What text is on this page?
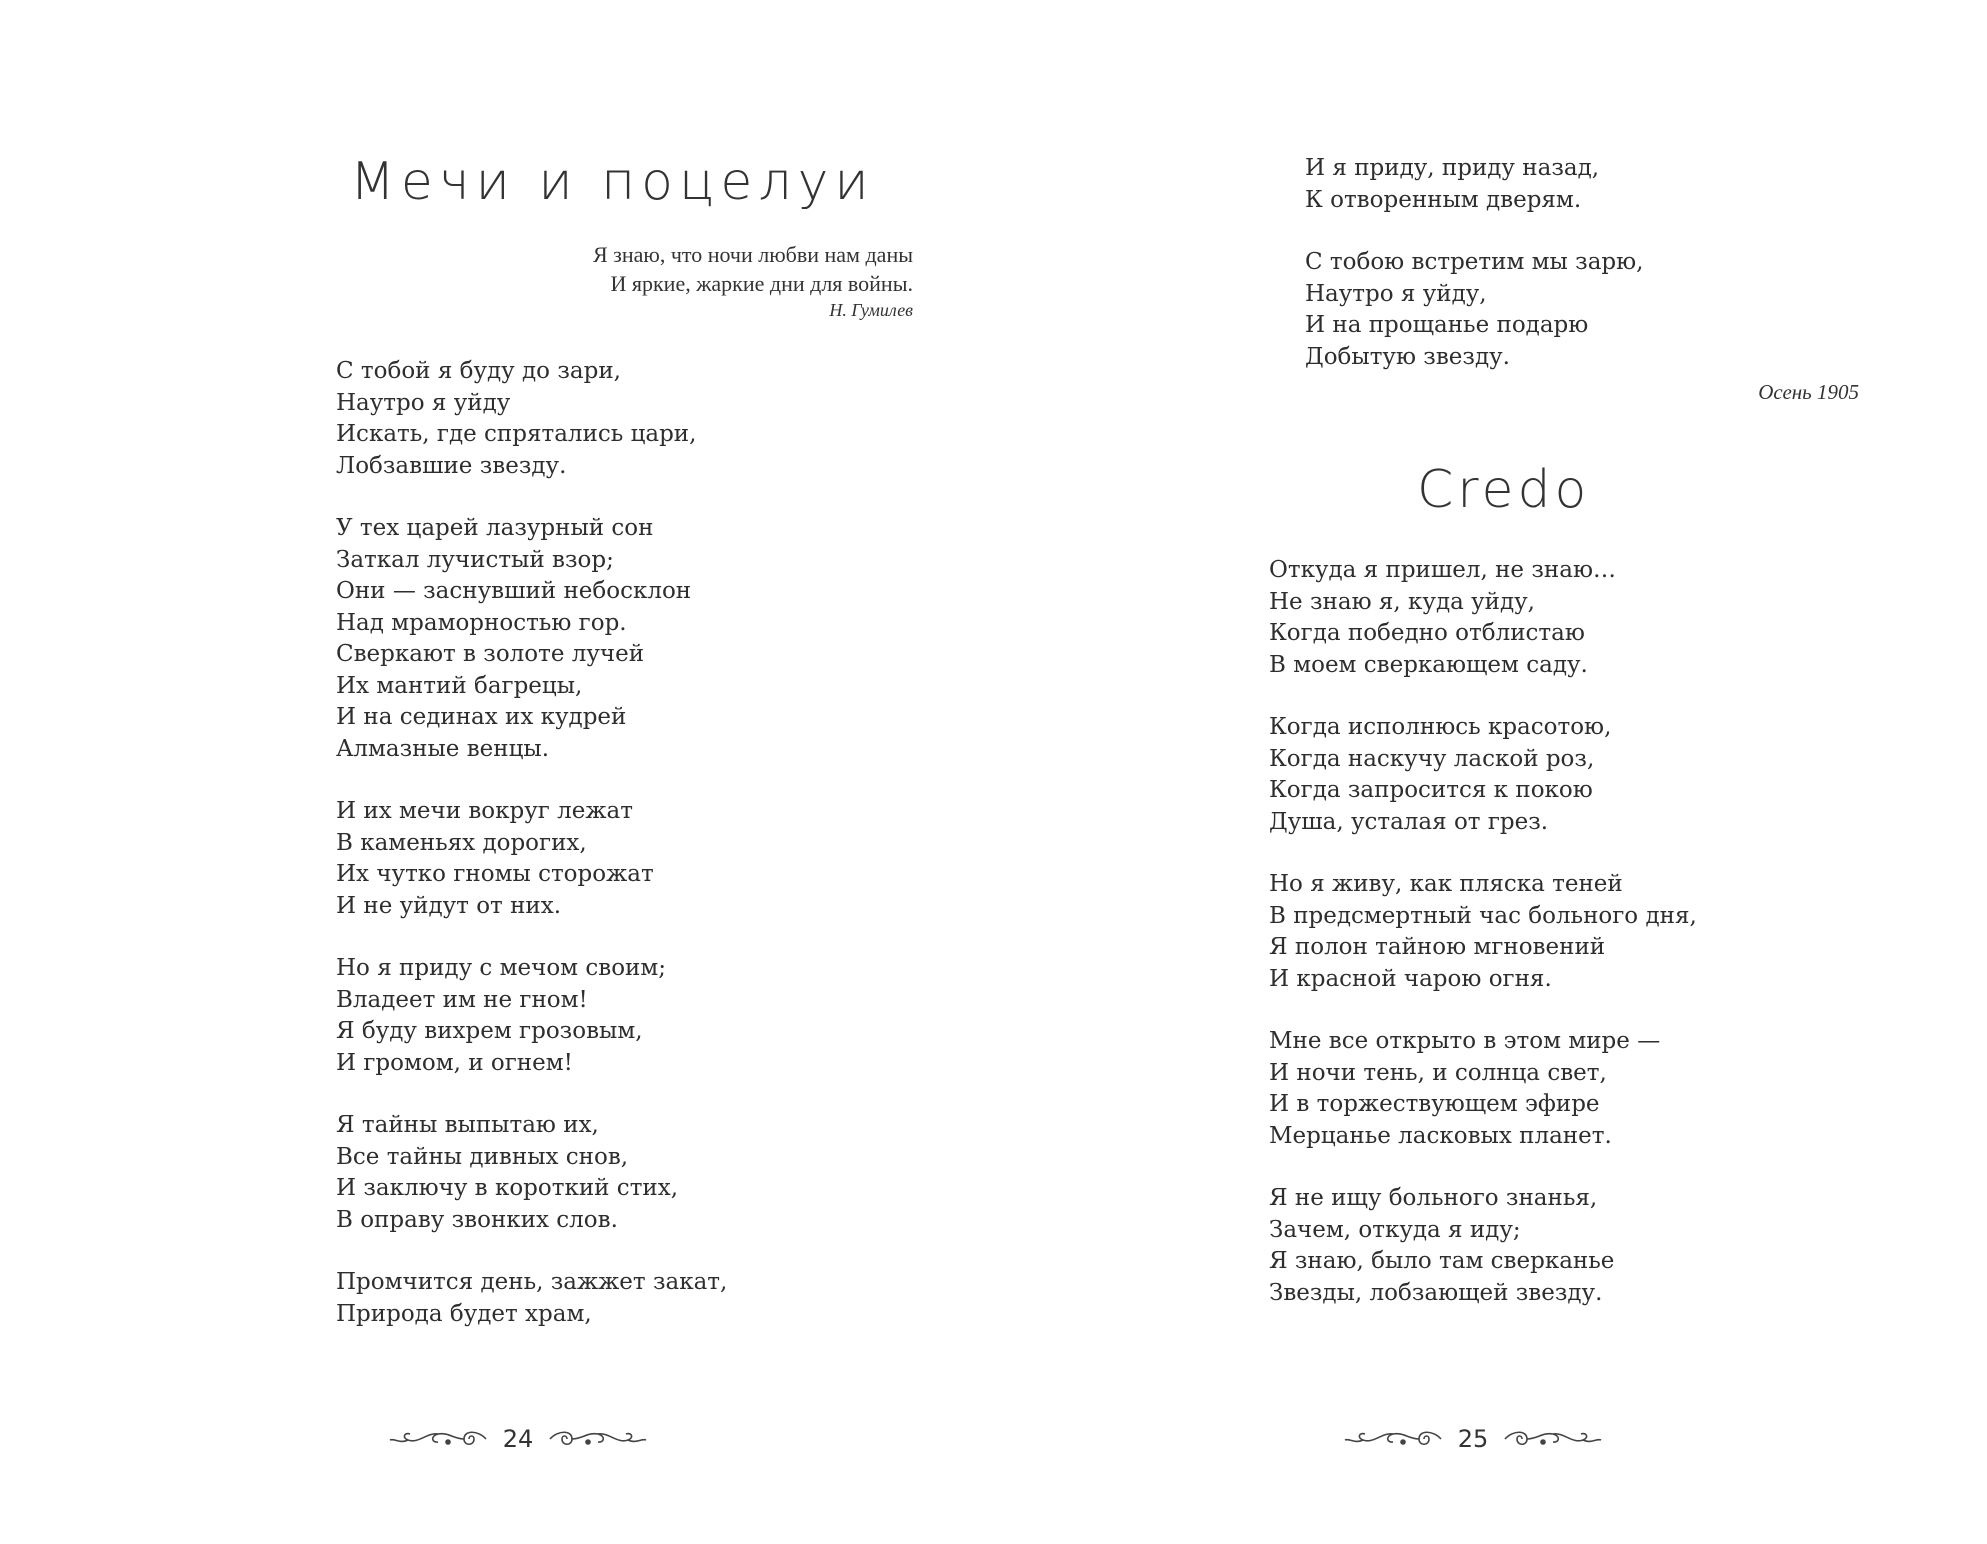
Мечи и поцелуи
Я знаю, что ночи любви нам даны
И яркие, жаркие дни для войны.
Н. Гумилев
С тобой я буду до зари,
Наутро я уйду
Искать, где спрятались цари,
Лобзавшие звезду.
У тех царей лазурный сон
Заткал лучистый взор;
Они — заснувший небосклон
Над мраморностью гор.
Сверкают в золоте лучей
Их мантий багрецы,
И на сединах их кудрей
Алмазные венцы.
И их мечи вокруг лежат
В каменьях дорогих,
Их чутко гномы сторожат
И не уйдут от них.
Но я приду с мечом своим;
Владеет им не гном!
Я буду вихрем грозовым,
И громом, и огнем!
Я тайны выпытаю их,
Все тайны дивных снов,
И заключу в короткий стих,
В оправу звонких слов.
Промчится день, зажжет закат,
Природа будет храм,
24
И я приду, приду назад,
К отворенным дверям.
С тобою встретим мы зарю,
Наутро я уйду,
И на прощанье подарю
Добытую звезду.
Осень 1905
Credo
Откуда я пришел, не знаю…
Не знаю я, куда уйду,
Когда победно отблистаю
В моем сверкающем саду.
Когда исполнюсь красотою,
Когда наскучу лаской роз,
Когда запросится к покою
Душа, усталая от грез.
Но я живу, как пляска теней
В предсмертный час больного дня,
Я полон тайною мгновений
И красной чарою огня.
Мне все открыто в этом мире —
И ночи тень, и солнца свет,
И в торжествующем эфире
Мерцанье ласковых планет.
Я не ищу больного знанья,
Зачем, откуда я иду;
Я знаю, было там сверканье
Звезды, лобзающей звезду.
25
